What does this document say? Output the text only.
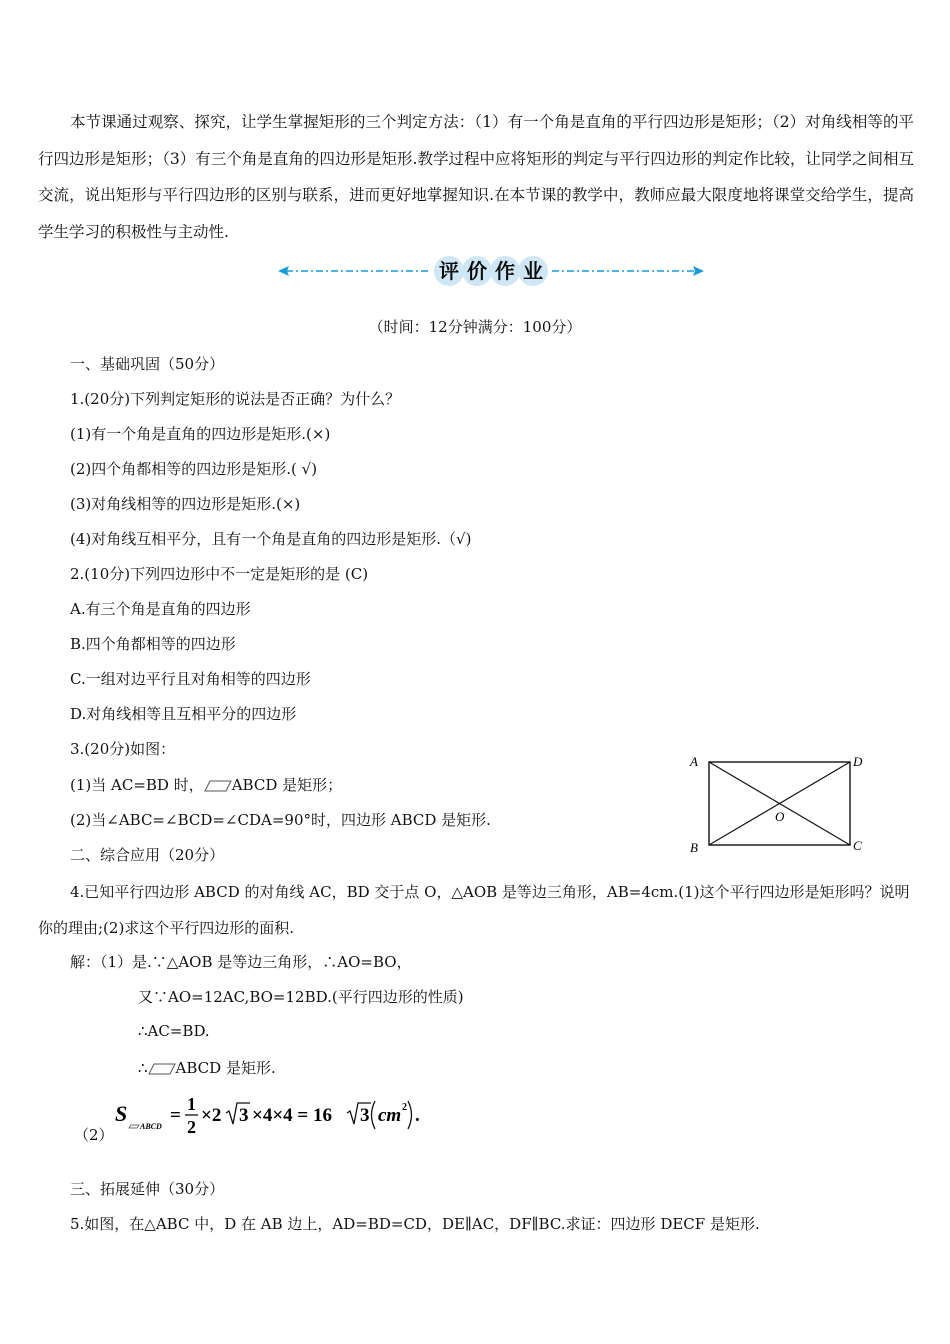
本节课通过观察、探究，让学生掌握矩形的三个判定方法：（1）有一个角是直角的平行四边形是矩形；（2）对角线相等的平行四边形是矩形；（3）有三个角是直角的四边形是矩形.教学过程中应将矩形的判定与平行四边形的判定作比较，让同学之间相互交流，说出矩形与平行四边形的区别与联系，进而更好地掌握知识.在本节课的教学中，教师应最大限度地将课堂交给学生，提高学生学习的积极性与主动性.
评 价 作 业
（时间：12分钟满分：100分）
一、基础巩固（50分）
1.(20分)下列判定矩形的说法是否正确？为什么？
(1)有一个角是直角的四边形是矩形.(×)
(2)四个角都相等的四边形是矩形.( √)
(3)对角线相等的四边形是矩形.(×)
(4)对角线互相平分，且有一个角是直角的四边形是矩形.（√)
2.(10分)下列四边形中不一定是矩形的是 (C)
A.有三个角是直角的四边形
B.四个角都相等的四边形
C.一组对边平行且对角相等的四边形
D.对角线相等且互相平分的四边形
3.(20分)如图：
(1)当 AC=BD 时， ABCD 是矩形；
(2)当∠ABC=∠BCD=∠CDA=90°时，四边形 ABCD 是矩形.
A
B	C
D
O
二、综合应用（20分）
4.已知平行四边形 ABCD 的对角线 AC，BD 交于点 O，△AOB 是等边三角形，AB=4cm.(1)这个平行四边形是矩形吗？说明你的理由;(2)求这个平行四边形的面积.
解：（1）是.∵△AOB 是等边三角形，∴AO=BO，
又∵AO=12AC,BO=12BD.(平行四边形的性质)
∴AC=BD.
∴ ABCD 是矩形.
（2）
S
ABCD
=
1
2
×2 3 ×4×4 = 16 3 cm 2 .
三、拓展延伸（30分）
5.如图，在△ABC 中，D 在 AB 边上，AD=BD=CD，DE∥AC，DF∥BC.求证：四边形 DECF 是矩形.
